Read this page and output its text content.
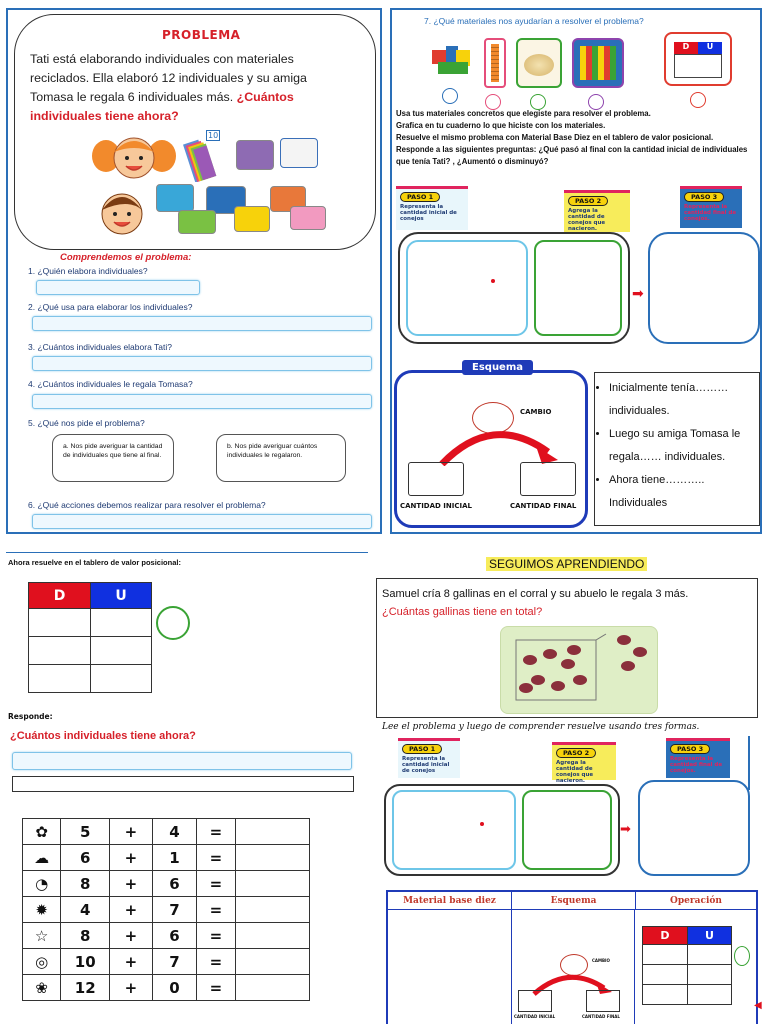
PROBLEMA
Tati está elaborando individuales con materiales reciclados. Ella elaboró 12 individuales y su amiga Tomasa le regala 6 individuales más. ¿Cuántos individuales tiene ahora?
10
Comprendemos el problema:
1. ¿Quién elabora individuales?
2. ¿Qué usa para elaborar los individuales?
3. ¿Cuántos individuales elabora Tati?
4. ¿Cuántos individuales le regala Tomasa?
5. ¿Qué nos pide el problema?
a. Nos pide averiguar la cantidad de individuales que tiene al final.
b. Nos pide averiguar cuántos individuales le regalaron.
6. ¿Qué acciones debemos realizar para resolver el problema?
7. ¿Qué materiales nos ayudarían a resolver el problema?
D	U
Usa tus materiales concretos que elegiste para resolver el problema.
Grafica en tu cuaderno lo que hiciste con los materiales.
Resuelve el mismo problema con Material Base Diez en el tablero de valor posicional.
Responde a las siguientes preguntas: ¿Qué pasó al final con la cantidad inicial de individuales que tenía Tati? , ¿Aumentó o disminuyó?
PASO 1
Representa la cantidad inicial de conejos
PASO 2
Agrega la cantidad de conejos que nacieron.
PASO 3
Representa la cantidad final de conejos.
➡
Esquema
CAMBIO
CANTIDAD INICIAL	CANTIDAD FINAL
• Inicialmente tenía………individuales.
• Luego su amiga Tomasa le regala…… individuales.
• Ahora tiene……….. Individuales
Ahora resuelve en el tablero de valor posicional:
D	U

Responde:
¿Cuántos individuales tiene ahora?
✿	5	+	4	=	
☁	6	+	1	=	
◔	8	+	6	=	
✹	4	+	7	=	
☆	8	+	6	=	
◎	10	+	7	=	
❀	12	+	0	=	
SEGUIMOS APRENDIENDO
Samuel cría 8 gallinas en el corral y su abuelo le regala 3 más.
¿Cuántas gallinas tiene en total?
Lee el problema y luego de comprender resuelve usando tres formas.
PASO 1
Representa la cantidad inicial de conejos
PASO 2
Agrega la cantidad de conejos que nacieron.
PASO 3
Representa la cantidad final de conejos.
➡
Material base diez	Esquema	Operación
CAMBIO
CANTIDAD INICIAL	CANTIDAD FINAL
D	U

◀
